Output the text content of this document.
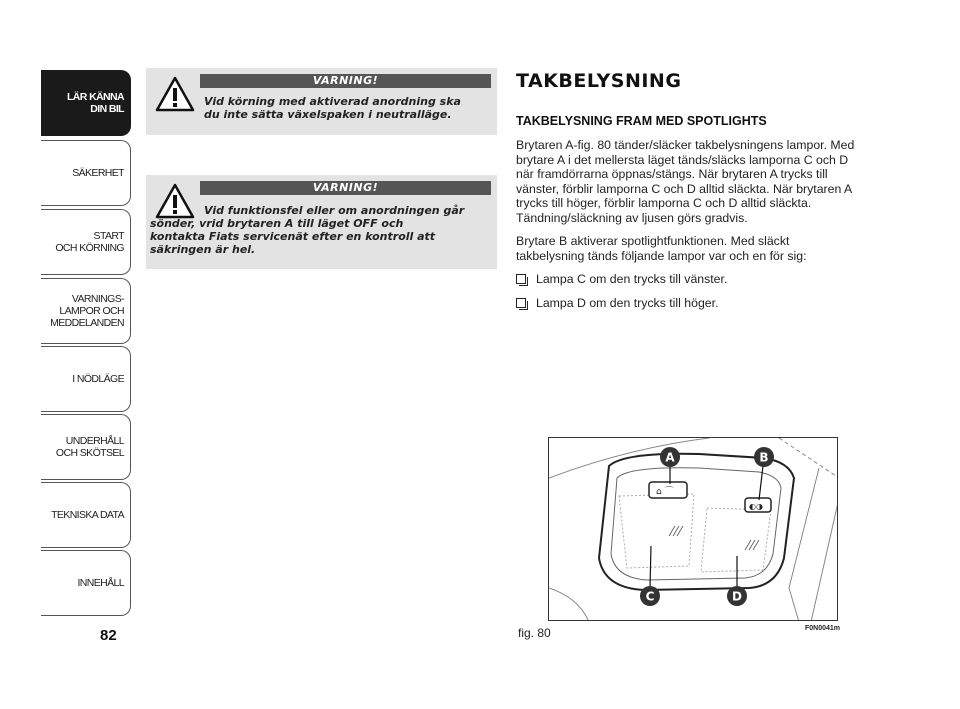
LÄR KÄNNA
DIN BIL
SÄKERHET
START
OCH KÖRNING
VARNINGS-
LAMPOR OCH
MEDDELANDEN
I NÖDLÄGE
UNDERHÅLL
OCH SKÖTSEL
TEKNISKA DATA
INNEHÅLL
82
VARNING!
Vid körning med aktiverad anordning ska
du inte sätta växelspaken i neutralläge.
VARNING!
Vid funktionsfel eller om anordningen går
sönder, vrid brytaren A till läget OFF och
kontakta Fiats servicenät efter en kontroll att
säkringen är hel.
TAKBELYSNING
TAKBELYSNING FRAM MED SPOTLIGHTS
Brytaren A-fig. 80 tänder/släcker takbelysningens lampor. Med brytare A i det mellersta läget tänds/släcks lamporna C och D när framdörrarna öppnas/stängs. När brytaren A trycks till vänster, förblir lamporna C och D alltid släckta. När brytaren A trycks till höger, förblir lamporna C och D alltid släckta. Tändning/släckning av ljusen görs gradvis.
Brytare B aktiverar spotlightfunktionen. Med släckt takbelysning tänds följande lampor var och en för sig:
Lampa C om den trycks till vänster.
Lampa D om den trycks till höger.
⌂ ⌒
◐◑
A	B
C	D
fig. 80	F0N0041m
